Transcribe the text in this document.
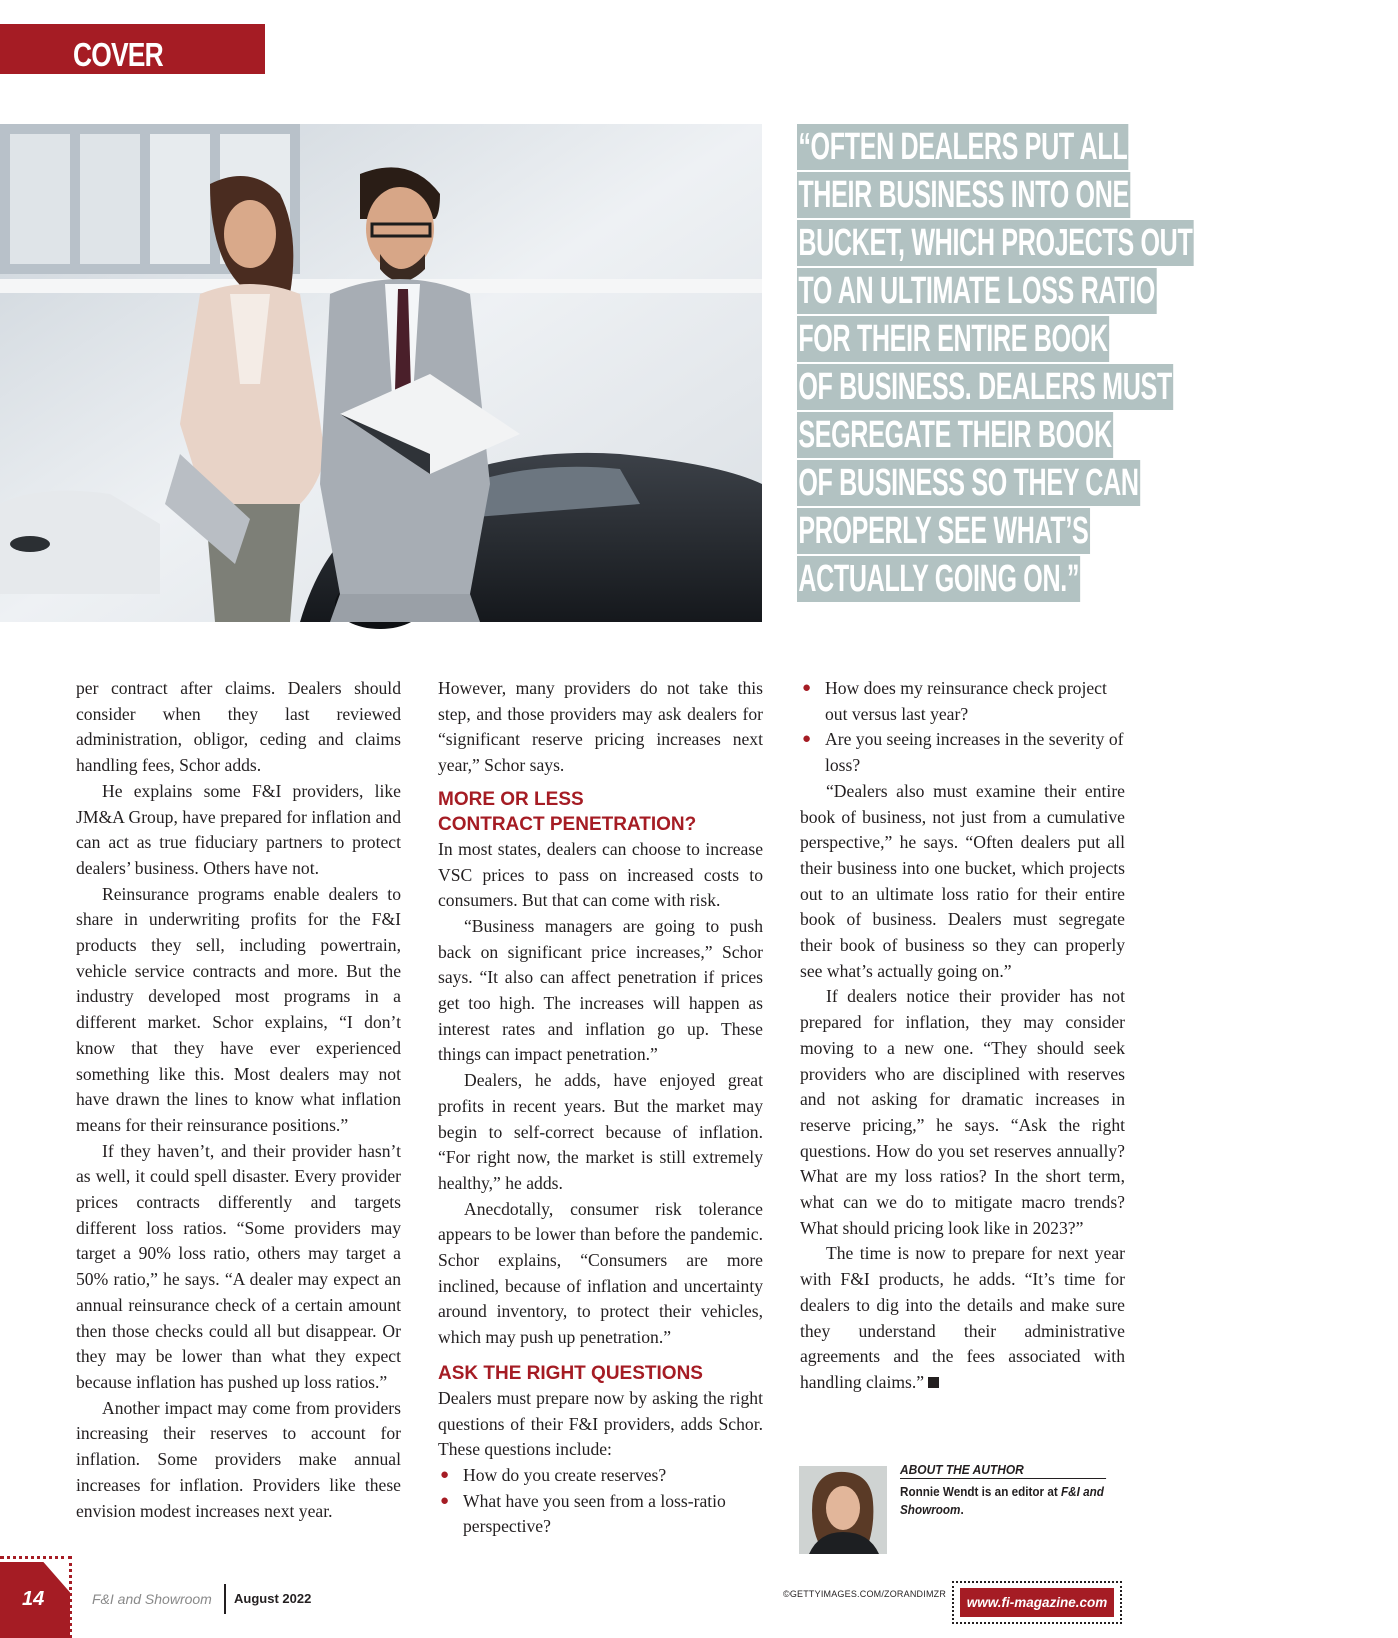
COVER STORY
“OFTEN DEALERS PUT ALL
THEIR BUSINESS INTO ONE
BUCKET, WHICH PROJECTS OUT
TO AN ULTIMATE LOSS RATIO
FOR THEIR ENTIRE BOOK
OF BUSINESS. DEALERS MUST
SEGREGATE THEIR BOOK
OF BUSINESS SO THEY CAN
PROPERLY SEE WHAT’S
ACTUALLY GOING ON.”

per contract after claims. Dealers should consider when they last reviewed administration, obligor, ceding and claims handling fees, Schor adds.

He explains some F&I providers, like JM&A Group, have prepared for inflation and can act as true fiduciary partners to protect dealers’ business. Others have not.

Reinsurance programs enable dealers to share in underwriting profits for the F&I products they sell, including powertrain, vehicle service contracts and more. But the industry developed most programs in a different market. Schor explains, “I don’t know that they have ever experienced something like this. Most dealers may not have drawn the lines to know what inflation means for their reinsurance positions.”

If they haven’t, and their provider hasn’t as well, it could spell disaster. Every provider prices contracts differently and targets different loss ratios. “Some providers may target a 90% loss ratio, others may target a 50% ratio,” he says. “A dealer may expect an annual reinsurance check of a certain amount then those checks could all but disappear. Or they may be lower than what they expect because inflation has pushed up loss ratios.”

Another impact may come from providers increasing their reserves to account for inflation. Some providers make annual increases for inflation. Providers like these envision modest increases next year.

However, many providers do not take this step, and those providers may ask dealers for “significant reserve pricing increases next year,” Schor says.

MORE OR LESS
CONTRACT PENETRATION?

In most states, dealers can choose to increase VSC prices to pass on increased costs to consumers. But that can come with risk.

“Business managers are going to push back on significant price increases,” Schor says. “It also can affect penetration if prices get too high. The increases will happen as interest rates and inflation go up. These things can impact penetration.”

Dealers, he adds, have enjoyed great profits in recent years. But the market may begin to self-correct because of inflation. “For right now, the market is still extremely healthy,” he adds.

Anecdotally, consumer risk tolerance appears to be lower than before the pandemic. Schor explains, “Consumers are more inclined, because of inflation and uncertainty around inventory, to protect their vehicles, which may push up penetration.”

ASK THE RIGHT QUESTIONS

Dealers must prepare now by asking the right questions of their F&I providers, adds Schor. These questions include:

● How do you create reserves?
● What have you seen from a loss-ratio perspective?
● How does my reinsurance check project out versus last year?
● Are you seeing increases in the severity of loss?

“Dealers also must examine their entire book of business, not just from a cumulative perspective,” he says. “Often dealers put all their business into one bucket, which projects out to an ultimate loss ratio for their entire book of business. Dealers must segregate their book of business so they can properly see what’s actually going on.”

If dealers notice their provider has not prepared for inflation, they may consider moving to a new one. “They should seek providers who are disciplined with reserves and not asking for dramatic increases in reserve pricing,” he says. “Ask the right questions. How do you set reserves annually? What are my loss ratios? In the short term, what can we do to mitigate macro trends? What should pricing look like in 2023?”

The time is now to prepare for next year with F&I products, he adds. “It’s time for dealers to dig into the details and make sure they understand their administrative agreements and the fees associated with handling claims.”

ABOUT THE AUTHOR
Ronnie Wendt is an editor at F&I and Showroom.
©GETTYIMAGES.COM/ZORANDIMZR
14	F&I and Showroom August 2022	www.fi-magazine.com
